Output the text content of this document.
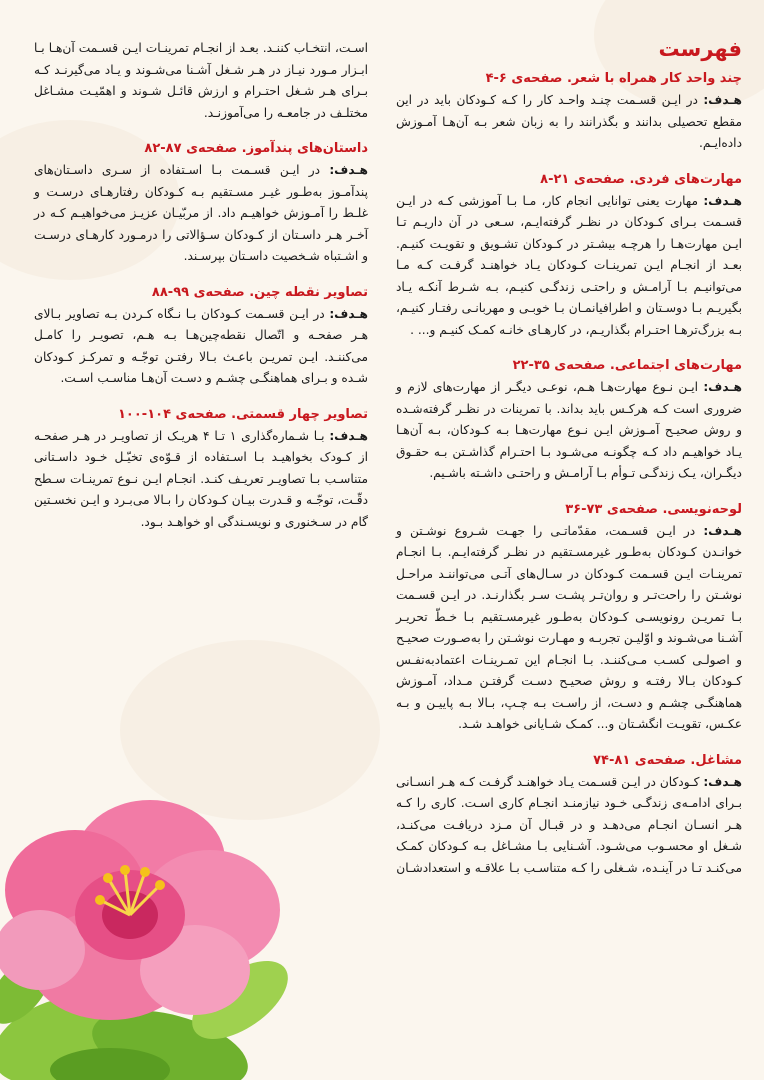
فهرست
چند واحد کار همراه با شعر. صفحه‌ی ۶-۴

هـدف: در ایـن قسـمت چنـد واحـد کار را کـه کـودکان باید در این مقطع تحصیلی بدانند و بگذرانند را به زبان شعر بـه آن‌هـا آمـوزش داده‌ایـم.

مهارت‌های فردی. صفحه‌ی ۲۱-۸

هـدف: مهارت یعنی توانایی انجام کار، مـا بـا آموزشی کـه در ایـن قسـمت بـرای کـودکان در نظـر گرفته‌ایـم، سـعی در آن داریـم تـا ایـن مهارت‌هـا را هرچـه بیشـتر در کـودکان تشـویق و تقویـت کنیـم. بعـد از انجـام ایـن تمرینـات کـودکان یـاد خواهنـد گرفـت کـه مـا می‌توانیـم بـا آرامـش و راحتـی زندگـی کنیـم، بـه شـرط آنکـه یـاد بگیریـم بـا دوسـتان و اطرافیانمـان بـا خوبـی و مهربانـی رفتـار کنیـم، بـه بزرگ‌ترهـا احتـرام بگذاریـم، در کارهـای خانـه کمـک کنیـم و... .

مهارت‌های اجتماعی. صفحه‌ی ۳۵-۲۲

هـدف: ایـن نـوع مهارت‌هـا هـم، نوعـی دیگـر از مهارت‌های لازم و ضروری است کـه هرکـس باید بداند. با تمرینات در نظـر گرفته‌شـده و روش صحیـح آمـوزش ایـن نـوع مهارت‌هـا بـه کـودکان، بـه آن‌هـا یـاد خواهیـم داد کـه چگونـه می‌شـود بـا احتـرام گذاشـتن بـه حقـوق دیگـران، یـک زندگـی تـوأم بـا آرامـش و راحتـی داشـته باشـیم.

لوحه‌نویسی. صفحه‌ی ۷۳-۳۶

هـدف: در ایـن قسـمت، مقدّماتـی را جهـت شـروع نوشـتن و خوانـدن کـودکان به‌طـور غیرمسـتقیم در نظـر گرفته‌ایـم. بـا انجـام تمرینـات ایـن قسـمت کـودکان در سـال‌های آتـی می‌تواننـد مراحـل نوشـتن را راحت‌تـر و روان‌تـر پشـت سـر بگذارنـد. در ایـن قسـمت بـا تمریـن رونویسـی کـودکان به‌طـور غیرمسـتقیم بـا خـطّ تحریـر آشـنا می‌شـوند و اوّلیـن تجربـه و مهـارت نوشـتن را به‌صـورت صحیـح و اصولـی کسـب مـی‌کننـد. بـا انجـام این تمـرینـات اعتمادبه‌نفـس کـودکان بـالا رفتـه و روش صحیـح دسـت گرفتـن مـداد، آمـوزش هماهنگـی چشـم و دسـت، از راسـت بـه چـپ، بـالا بـه پاییـن و بـه عکـس، تقویـت انگشـتان و... کمـک شـایانی خواهـد شـد.

مشاغل. صفحه‌ی ۸۱-۷۴

هـدف: کـودکان در ایـن قسـمت یـاد خواهنـد گرفـت کـه هـر انسـانی بـرای ادامـه‌ی زندگـی خـود نیازمنـد انجـام کاری اسـت. کاری را کـه هـر انسـان انجـام می‌دهـد و در قبـال آن مـزد دریافـت می‌کنـد، شـغل او محسـوب می‌شـود. آشـنایی بـا مشـاغل بـه کـودکان کمـک می‌کنـد تـا در آینـده، شـغلی را کـه متناسـب بـا علاقـه و استعدادشـان

اسـت، انتخـاب کننـد. بعـد از انجـام تمرینـات ایـن قسـمت آن‌هـا بـا ابـزار مـورد نیـاز در هـر شـغل آشـنا می‌شـوند و یـاد می‌گیرنـد کـه بـرای هـر شـغل احتـرام و ارزش قائـل شـوند و اهمّیـت مشـاغل مختلـف در جامعـه را می‌آموزنـد.

داستان‌های پندآموز. صفحه‌ی ۸۷-۸۲

هـدف: در ایـن قسـمت بـا اسـتفاده از سـری داسـتان‌های پندآمـوز به‌طـور غیـر مسـتقیم بـه کـودکان رفتارهـای درسـت و غلـط را آمـوزش خواهیـم داد. از مربّیـان عزیـز می‌خواهیـم کـه در آخـر هـر داسـتان از کـودکان سـؤالاتی را درمـورد کارهـای درسـت و اشـتباه شـخصیت داسـتان بپرسـند.

تصاویر نقطه چین. صفحه‌ی ۹۹-۸۸

هـدف: در ایـن قسـمت کـودکان بـا نـگاه کـردن بـه تصاویر بـالای هـر صفحـه و اتّصال نقطه‌چین‌هـا بـه هـم، تصویـر را کامـل می‌کننـد. ایـن تمریـن باعـث بـالا رفتـن توجّـه و تمرکـز کـودکان شـده و بـرای هماهنگـی چشـم و دسـت آن‌هـا مناسـب اسـت.

تصاویر چهار قسمتی. صفحه‌ی ۱۰۴-۱۰۰

هـدف: بـا شـماره‌گذاری ۱ تـا ۴ هریـک از تصاویـر در هـر صفحـه از کـودک بخواهیـد بـا اسـتفاده از قـوّه‌ی تخیّـل خـود داسـتانی متناسـب بـا تصاویـر تعریـف کنـد. انجـام ایـن نـوع تمرینـات سـطح دقّـت، توجّـه و قـدرت بیـان کـودکان را بـالا می‌بـرد و ایـن نخسـتین گام در سـخنوری و نویسـندگی او خواهـد بـود.
